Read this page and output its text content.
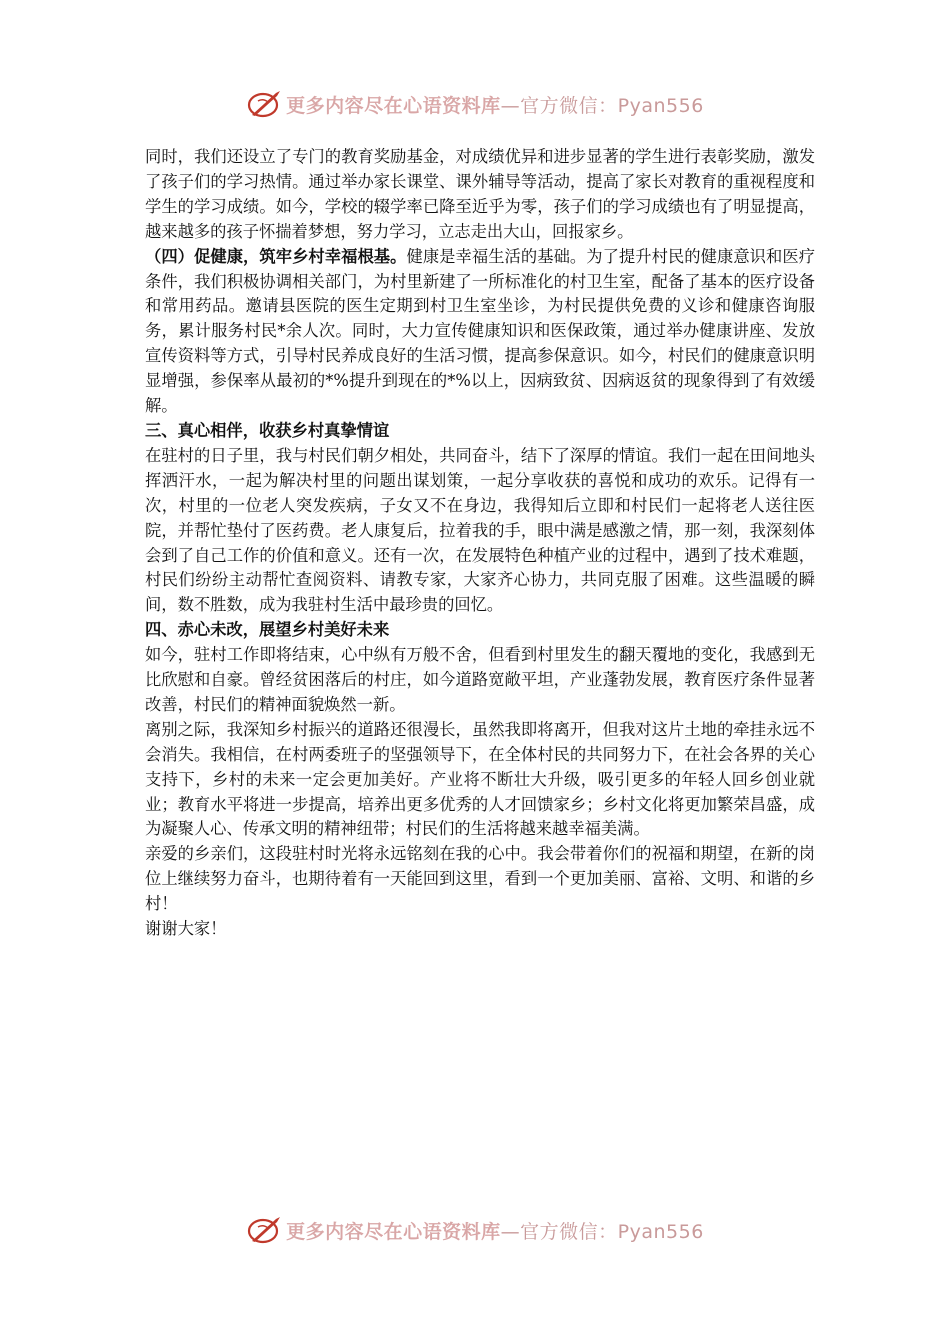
更多内容尽在心语资料库—官方微信：Pyan556

同时，我们还设立了专门的教育奖励基金，对成绩优异和进步显著的学生进行表彰奖励，激发了孩子们的学习热情。通过举办家长课堂、课外辅导等活动，提高了家长对教育的重视程度和学生的学习成绩。如今，学校的辍学率已降至近乎为零，孩子们的学习成绩也有了明显提高，越来越多的孩子怀揣着梦想，努力学习，立志走出大山，回报家乡。

（四）促健康，筑牢乡村幸福根基。健康是幸福生活的基础。为了提升村民的健康意识和医疗条件，我们积极协调相关部门，为村里新建了一所标准化的村卫生室，配备了基本的医疗设备和常用药品。邀请县医院的医生定期到村卫生室坐诊，为村民提供免费的义诊和健康咨询服务，累计服务村民*余人次。同时，大力宣传健康知识和医保政策，通过举办健康讲座、发放宣传资料等方式，引导村民养成良好的生活习惯，提高参保意识。如今，村民们的健康意识明显增强，参保率从最初的*%提升到现在的*%以上，因病致贫、因病返贫的现象得到了有效缓解。

三、真心相伴，收获乡村真挚情谊

在驻村的日子里，我与村民们朝夕相处，共同奋斗，结下了深厚的情谊。我们一起在田间地头挥洒汗水，一起为解决村里的问题出谋划策，一起分享收获的喜悦和成功的欢乐。记得有一次，村里的一位老人突发疾病，子女又不在身边，我得知后立即和村民们一起将老人送往医院，并帮忙垫付了医药费。老人康复后，拉着我的手，眼中满是感激之情，那一刻，我深刻体会到了自己工作的价值和意义。还有一次，在发展特色种植产业的过程中，遇到了技术难题，村民们纷纷主动帮忙查阅资料、请教专家，大家齐心协力，共同克服了困难。这些温暖的瞬间，数不胜数，成为我驻村生活中最珍贵的回忆。

四、赤心未改，展望乡村美好未来

如今，驻村工作即将结束，心中纵有万般不舍，但看到村里发生的翻天覆地的变化，我感到无比欣慰和自豪。曾经贫困落后的村庄，如今道路宽敞平坦，产业蓬勃发展，教育医疗条件显著改善，村民们的精神面貌焕然一新。

离别之际，我深知乡村振兴的道路还很漫长，虽然我即将离开，但我对这片土地的牵挂永远不会消失。我相信，在村两委班子的坚强领导下，在全体村民的共同努力下，在社会各界的关心支持下，乡村的未来一定会更加美好。产业将不断壮大升级，吸引更多的年轻人回乡创业就业；教育水平将进一步提高，培养出更多优秀的人才回馈家乡；乡村文化将更加繁荣昌盛，成为凝聚人心、传承文明的精神纽带；村民们的生活将越来越幸福美满。

亲爱的乡亲们，这段驻村时光将永远铭刻在我的心中。我会带着你们的祝福和期望，在新的岗位上继续努力奋斗，也期待着有一天能回到这里，看到一个更加美丽、富裕、文明、和谐的乡村！

谢谢大家！

更多内容尽在心语资料库—官方微信：Pyan556
